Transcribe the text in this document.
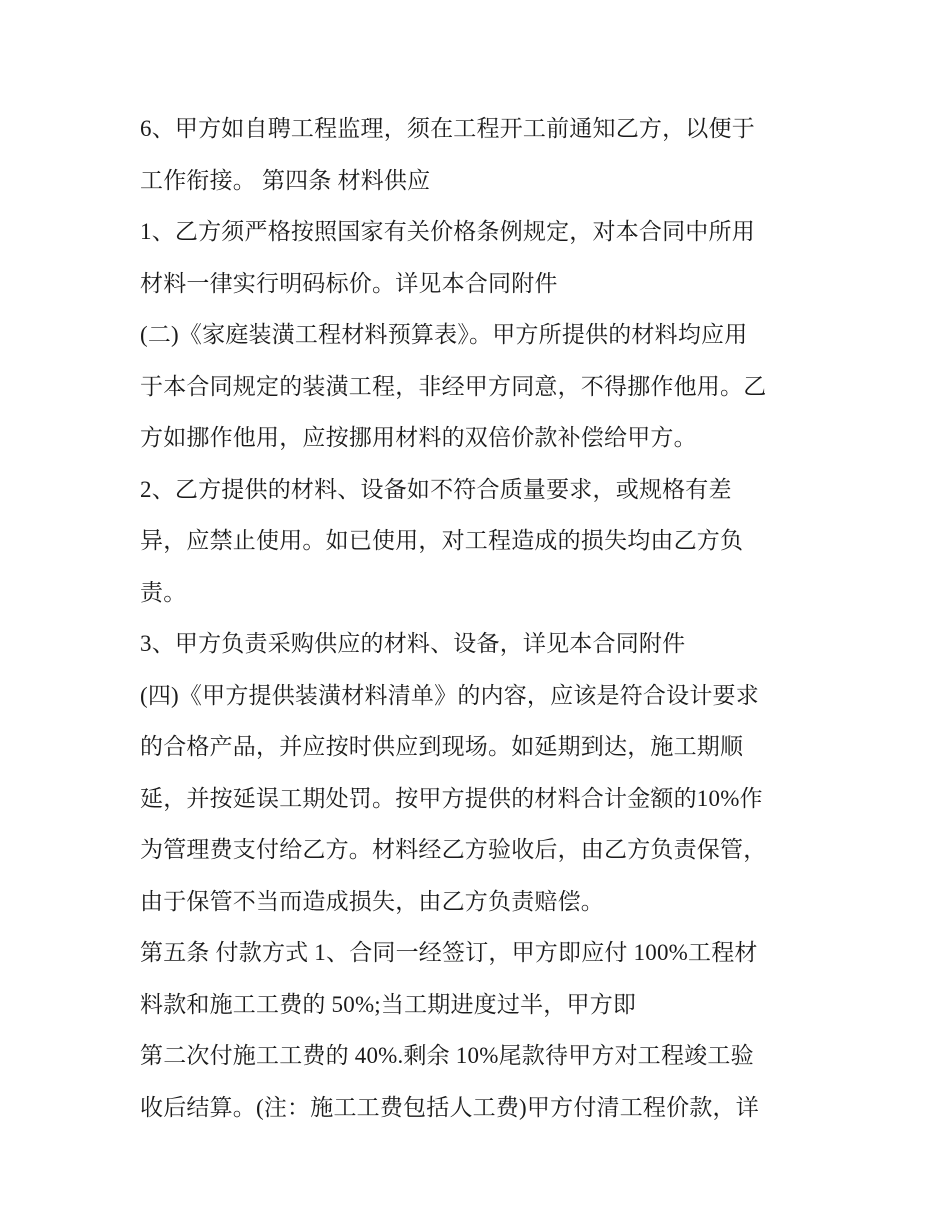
6、甲方如自聘工程监理，须在工程开工前通知乙方，以便于
工作衔接。 第四条 材料供应
1、乙方须严格按照国家有关价格条例规定，对本合同中所用
材料一律实行明码标价。详见本合同附件
(二)《家庭装潢工程材料预算表》。甲方所提供的材料均应用
于本合同规定的装潢工程，非经甲方同意，不得挪作他用。乙
方如挪作他用，应按挪用材料的双倍价款补偿给甲方。
2、乙方提供的材料、设备如不符合质量要求，或规格有差
异，应禁止使用。如已使用，对工程造成的损失均由乙方负
责。
3、甲方负责采购供应的材料、设备，详见本合同附件
(四)《甲方提供装潢材料清单》的内容，应该是符合设计要求
的合格产品，并应按时供应到现场。如延期到达，施工期顺
延，并按延误工期处罚。按甲方提供的材料合计金额的10%作
为管理费支付给乙方。材料经乙方验收后，由乙方负责保管，
由于保管不当而造成损失，由乙方负责赔偿。
第五条 付款方式 1、合同一经签订，甲方即应付 100%工程材
料款和施工工费的 50%;当工期进度过半，甲方即
第二次付施工工费的 40%.剩余 10%尾款待甲方对工程竣工验
收后结算。(注：施工工费包括人工费)甲方付清工程价款，详
